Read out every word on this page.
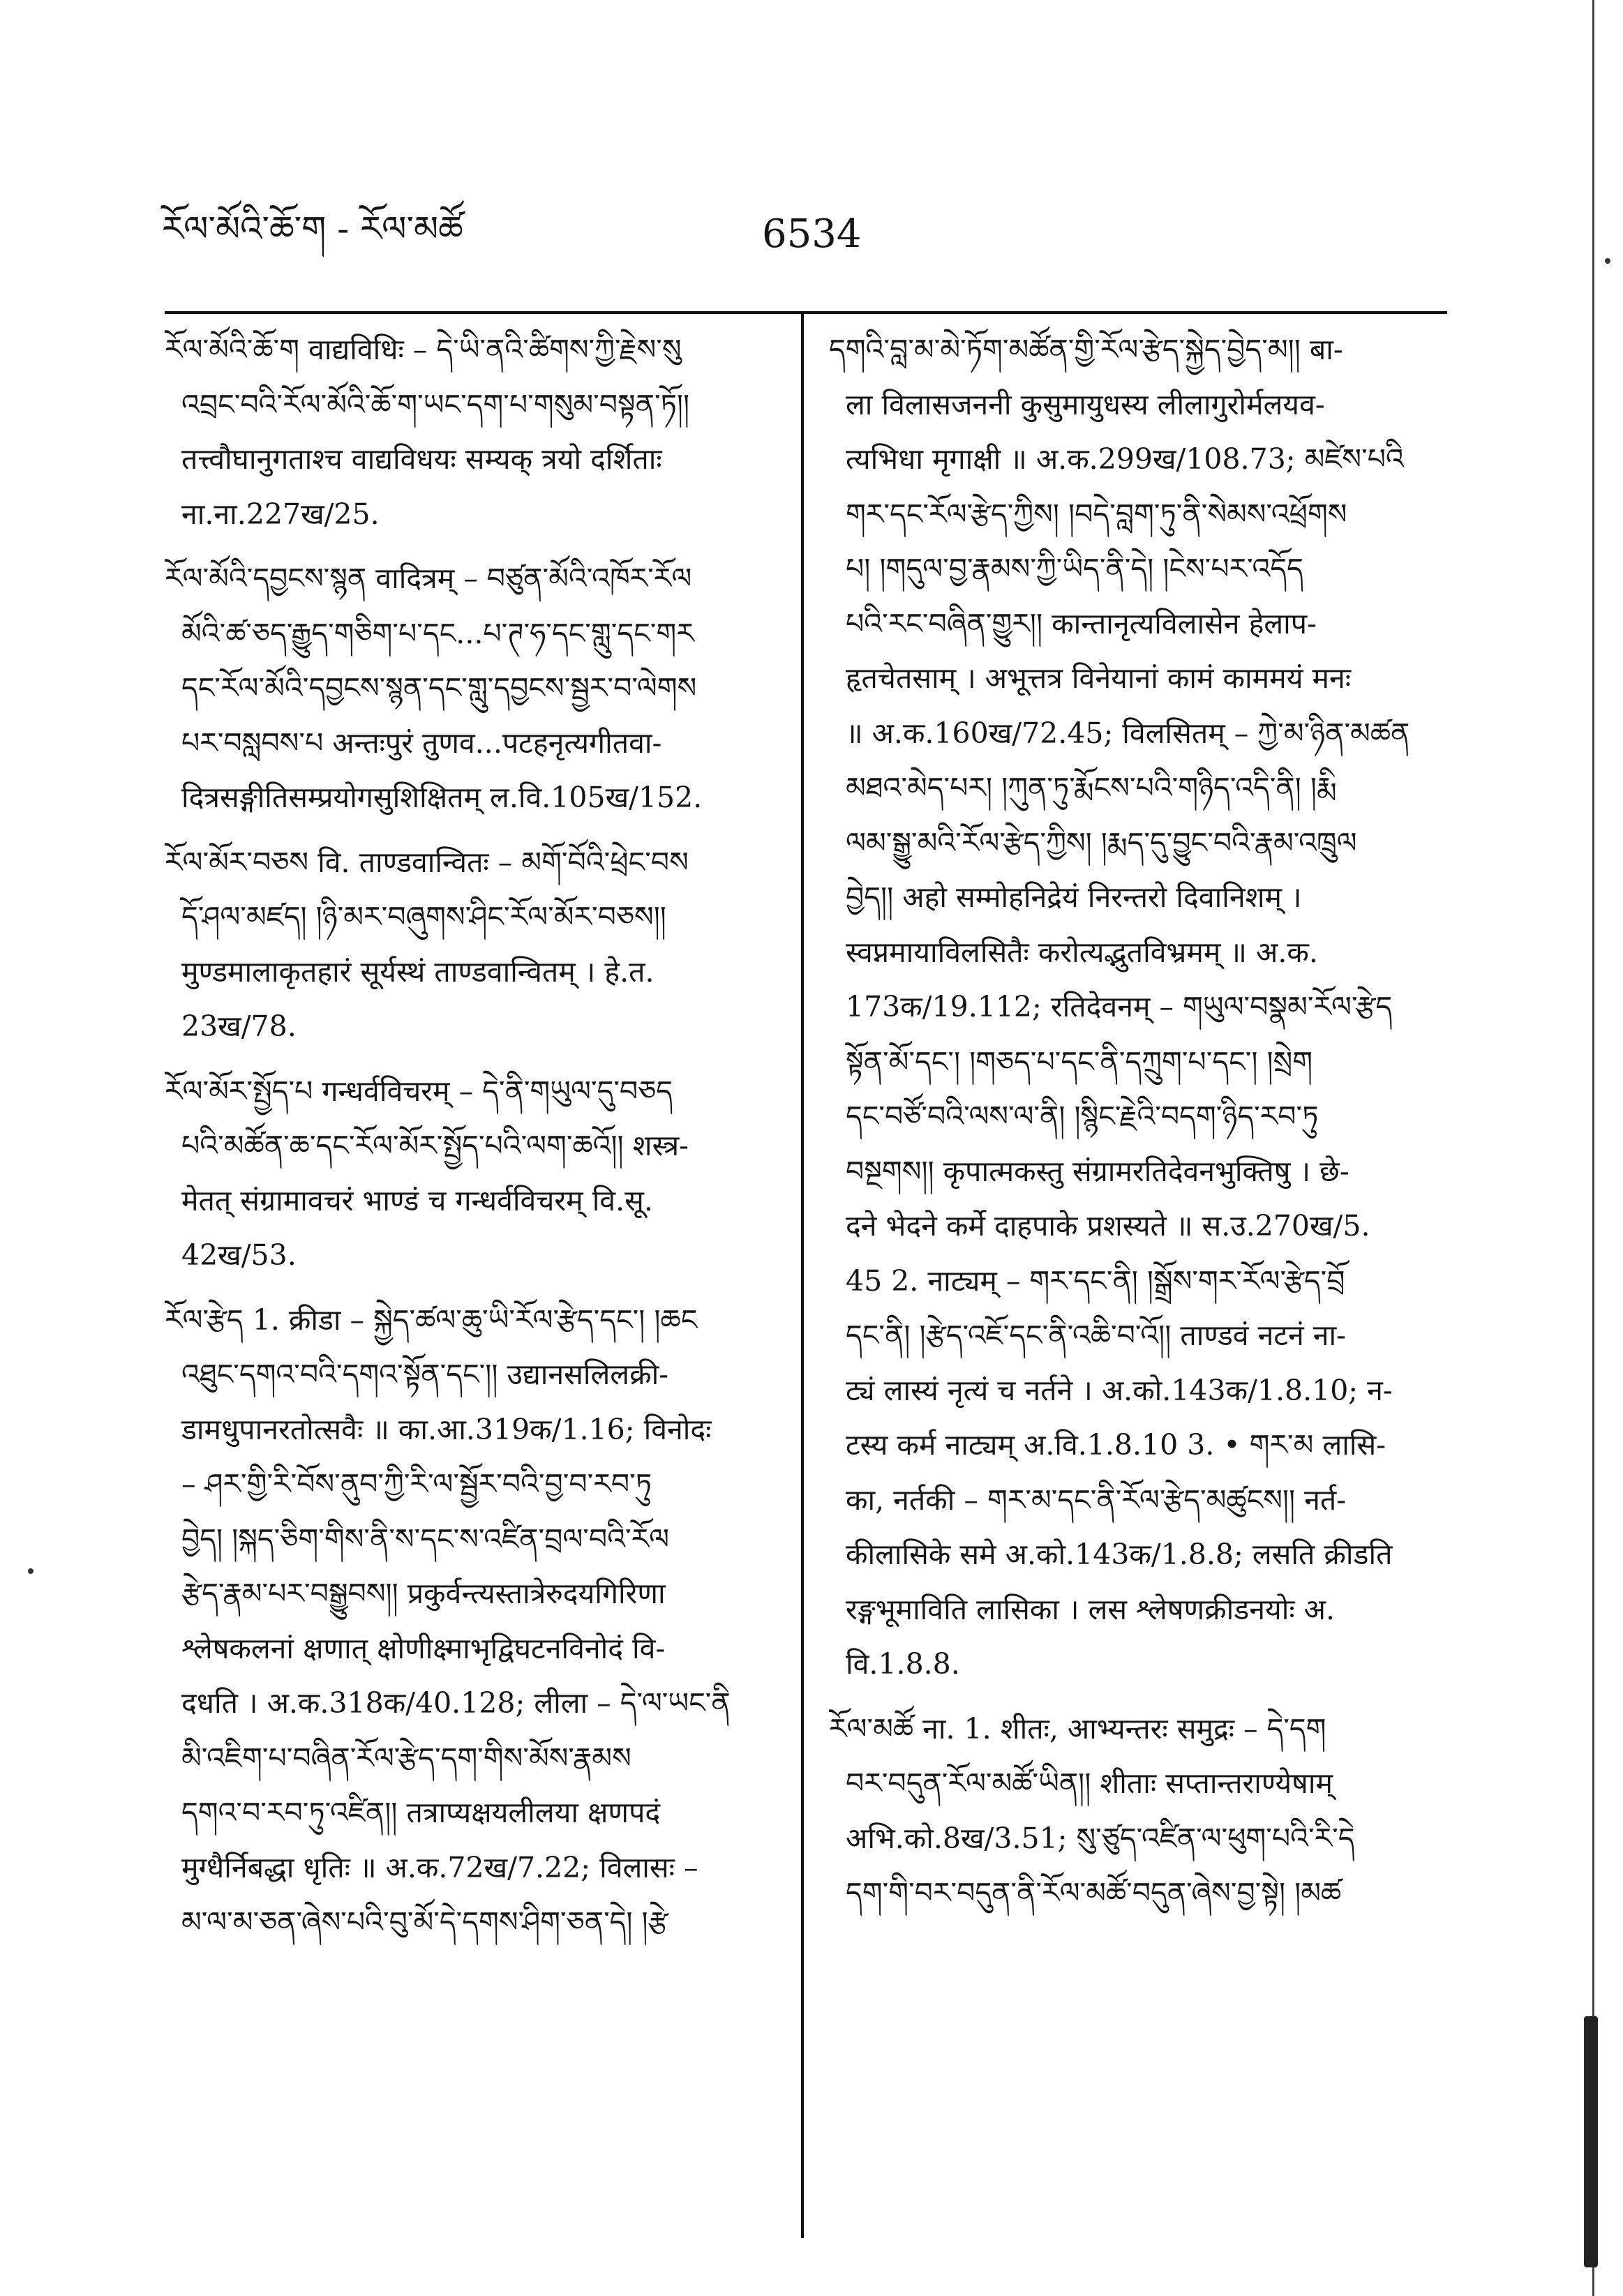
རོལ་མོའི་ཆོ་ག - རོལ་མཚོ	6534
རོལ་མོའི་ཆོ་ག वाद्यविधिः – དེ་ཡི་ནའི་ཚིགས་ཀྱི་རྗེས་སུ
འབྲང་བའི་རོལ་མོའི་ཆོ་ག་ཡང་དག་པ་གསུམ་བསྟན་ཏོ།།
तत्त्वौघानुगताश्च वाद्यविधयः सम्यक् त्रयो दर्शिताः
ना.ना.227ख/25.
རོལ་མོའི་དབྱངས་སྙན वादित्रम् – བཙུན་མོའི་འཁོར་རོལ
མོའི་ཚ་ཅད་རྒྱུད་གཅིག་པ་དང...པ་ཊ་ཧ་དང་གླུ་དང་གར
དང་རོལ་མོའི་དབྱངས་སྙན་དང་གླུ་དབྱངས་སྦྱར་བ་ལེགས
པར་བསླབས་པ अन्तःपुरं तुणव...पटहनृत्यगीतवा-
दित्रसङ्गीतिसम्प्रयोगसुशिक्षितम् ल.वि.105ख/152.
རོལ་མོར་བཅས वि. ताण्डवान्वितः – མགོ་བོའི་ཕྲེང་བས
དོ་ཤལ་མཛད། །ཉི་མར་བཞུགས་ཤིང་རོལ་མོར་བཅས།།
मुण्डमालाकृतहारं सूर्यस्थं ताण्डवान्वितम् । हे.त.
23ख/78.
རོལ་མོར་སྤྱོད་པ गन्धर्वविचरम् – དེ་ནི་གཡུལ་དུ་བཅད
པའི་མཚོན་ཆ་དང་རོལ་མོར་སྤྱོད་པའི་ལག་ཆའོ།། शस्त्र-
मेतत् संग्रामावचरं भाण्डं च गन्धर्वविचरम् वि.सू.
42ख/53.
རོལ་རྩེད 1. क्रीडा – སྐྱེད་ཚལ་ཆུ་ཡི་རོལ་རྩེད་དང་། །ཆང
འཐུང་དགའ་བའི་དགའ་སྟོན་དང་།། उद्यानसलिलक्री-
डामधुपानरतोत्सवैः ॥ का.आ.319क/1.16; विनोदः
– ཤར་གྱི་རི་བོས་ནུབ་ཀྱི་རི་ལ་སྦྱོར་བའི་བྱ་བ་རབ་ཏུ
བྱེད། །སྐད་ཅིག་གིས་ནི་ས་དང་ས་འཛིན་བྲལ་བའི་རོལ
རྩེད་རྣམ་པར་བསྒྱུབས།། प्रकुर्वन्त्यस्तात्रेरुदयगिरिणा
श्लेषकलनां क्षणात् क्षोणीक्ष्माभृद्विघटनविनोदं वि-
दधति । अ.क.318क/40.128; लीला – དེ་ལ་ཡང་ནི
མི་འཇིག་པ་བཞིན་རོལ་རྩེད་དག་གིས་མོས་རྣམས
དགའ་བ་རབ་ཏུ་འཛིན།། तत्राप्यक्षयलीलया क्षणपदं
मुग्धैर्निबद्धा धृतिः ॥ अ.क.72ख/7.22; विलासः –
མ་ལ་མ་ཅན་ཞེས་པའི་བུ་མོ་དེ་དགས་ཤིག་ཅན་དེ། །རྩེ
དགའི་བླ་མ་མེ་ཏོག་མཚོན་གྱི་རོལ་རྩེད་སྐྱེད་བྱེད་མ།། बा-
ला विलासजननी कुसुमायुधस्य लीलागुरोर्मलयव-
त्यभिधा मृगाक्षी ॥ अ.क.299ख/108.73; མཛེས་པའི
གར་དང་རོལ་རྩེད་ཀྱིས། །བདེ་བླག་ཏུ་ནི་སེམས་འཕྲོགས
པ། །གདུལ་བྱ་རྣམས་ཀྱི་ཡིད་ནི་དེ། །ངེས་པར་འདོད
པའི་རང་བཞིན་གྱུར།། कान्तानृत्यविलासेन हेलाप-
हृतचेतसाम् । अभूत्तत्र विनेयानां कामं काममयं मनः
॥ अ.क.160ख/72.45; विलसितम् – ཀྱེ་མ་ཉིན་མཚན
མཐའ་མེད་པར། །ཀུན་ཏུ་རྨོངས་པའི་གཉིད་འདི་ནི། །རྨི
ལམ་སྒྱུ་མའི་རོལ་རྩེད་ཀྱིས། །རྨད་དུ་བྱུང་བའི་རྣམ་འཁྲུལ
བྱེད།། अहो सम्मोहनिद्रेयं निरन्तरो दिवानिशम् ।
स्वप्नमायाविलसितैः करोत्यद्भुतविभ्रमम् ॥ अ.क.
173क/19.112; रतिदेवनम् – གཡུལ་བསྣམ་རོལ་རྩེད
སྟོན་མོ་དང་། །གཅད་པ་དང་ནི་དཀྲུག་པ་དང་། །སྲེག
དང་བཙོ་བའི་ལས་ལ་ནི། །སྙིང་རྗེའི་བདག་ཉིད་རབ་ཏུ
བསྔགས།། कृपात्मकस्तु संग्रामरतिदेवनभुक्तिषु । छे-
दने भेदने कर्मे दाहपाके प्रशस्यते ॥ स.उ.270ख/5.
45 2. नाट्यम् – གར་དང་ནི། །སྒྲོས་གར་རོལ་རྩེད་བྲོ
དང་ནི། །རྩེད་འཇོ་དང་ནི་འཆི་བ་འོ།། ताण्डवं नटनं ना-
ट्यं लास्यं नृत्यं च नर्तने । अ.को.143क/1.8.10; न-
टस्य कर्म नाट्यम् अ.वि.1.8.10 3. • གར་མ लासि-
का, नर्तकी – གར་མ་དང་ནི་རོལ་རྩེད་མཚུངས།། नर्त-
कीलासिके समे अ.को.143क/1.8.8; लसति क्रीडति
रङ्गभूमाविति लासिका । लस श्लेषणक्रीडनयोः अ.
वि.1.8.8.
རོལ་མཚོ ना. 1. शीतः, आभ्यन्तरः समुद्रः – དེ་དག
བར་བདུན་རོལ་མཚོ་ཡིན།། शीताः सप्तान्तराण्येषाम्
अभि.को.8ख/3.51; སུ་ཙུད་འཛིན་ལ་ཕུག་པའི་རི་དེ
དག་གི་བར་བདུན་ནི་རོལ་མཚོ་བདུན་ཞེས་བྱ་སྟེ། །མཚ
